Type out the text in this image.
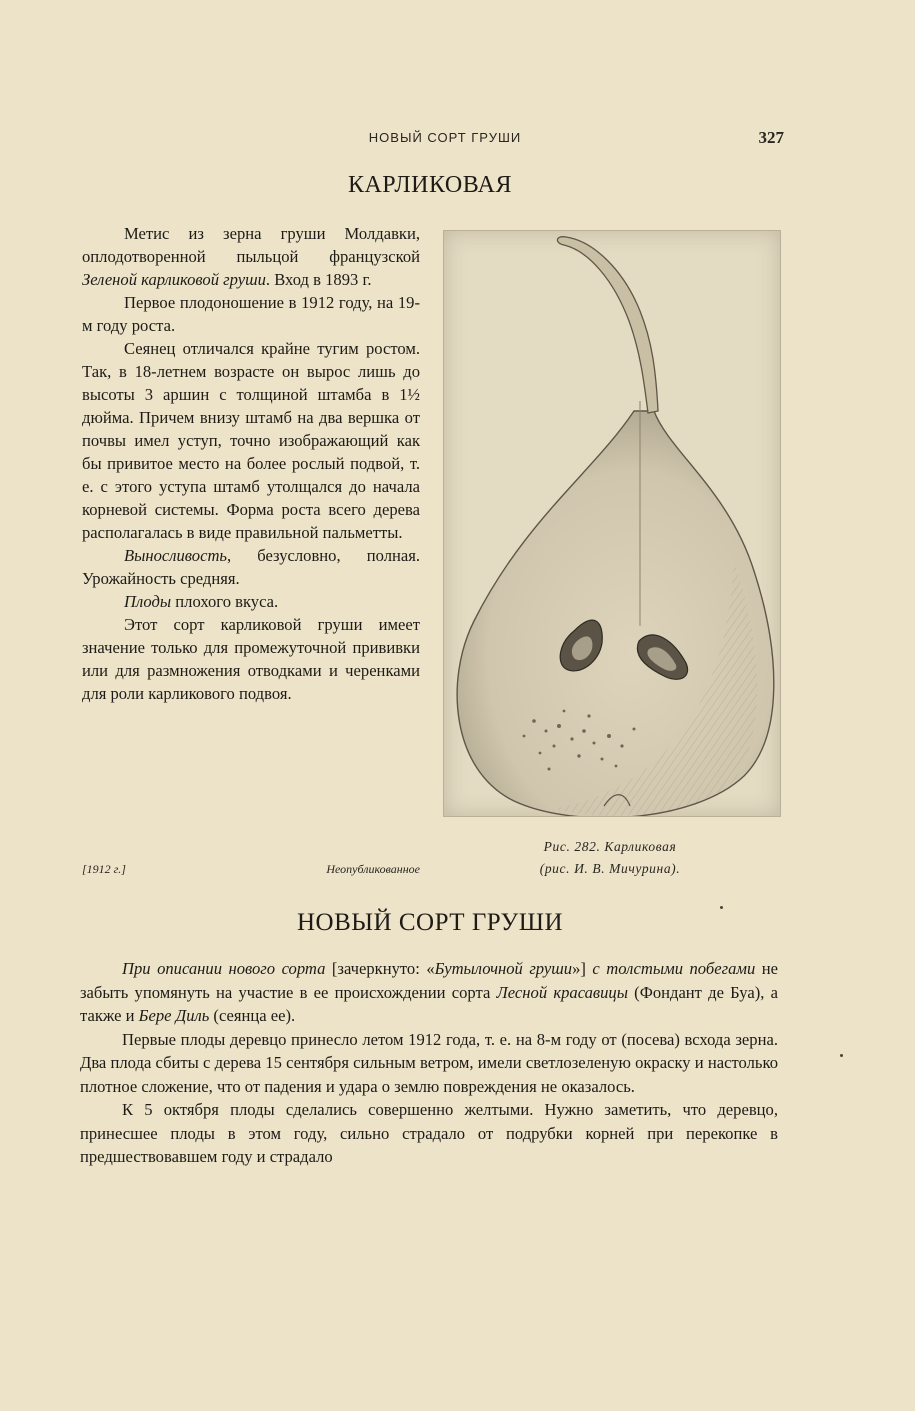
НОВЫЙ СОРТ ГРУШИ	327
КАРЛИКОВАЯ

Метис из зерна груши Молдавки, оплодотворенной пыльцой французской Зеленой карликовой груши. Вход в 1893 г.

Первое плодоношение в 1912 году, на 19-м году роста.

Сеянец отличался крайне тугим ростом. Так, в 18-летнем возрасте он вырос лишь до высоты 3 аршин с толщиной штамба в 1½ дюйма. Причем внизу штамб на два вершка от почвы имел уступ, точно изображающий как бы привитое место на более рослый подвой, т. е. с этого уступа штамб утолщался до начала корневой системы. Форма роста всего дерева располагалась в виде правильной пальметты.

Выносливость, безусловно, полная. Урожайность средняя.

Плоды плохого вкуса.

Этот сорт карликовой груши имеет значение только для промежуточной прививки или для размножения отводками и черенками для роли карликового подвоя.

[1912 г.]	Неопубликованное
Рис. 282. Карликовая
(рис. И. В. Мичурина).
НОВЫЙ СОРТ ГРУШИ

При описании нового сорта [зачеркнуто: «Бутылочной груши»] с толстыми побегами не забыть упомянуть на участие в ее происхождении сорта Лесной красавицы (Фондант де Буа), а также и Бере Диль (сеянца ее).

Первые плоды деревцо принесло летом 1912 года, т. е. на 8-м году от (посева) всхода зерна. Два плода сбиты с дерева 15 сентября сильным ветром, имели светлозеленую окраску и настолько плотное сложение, что от падения и удара о землю повреждения не оказалось.

К 5 октября плоды сделались совершенно желтыми. Нужно заметить, что деревцо, принесшее плоды в этом году, сильно страдало от подрубки корней при перекопке в предшествовавшем году и страдало
